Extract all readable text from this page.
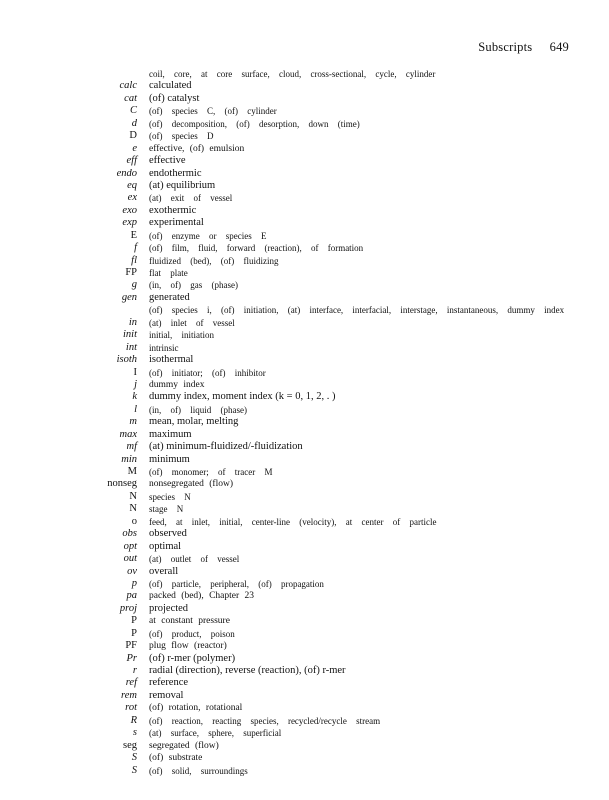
Subscripts 649
coil, core, at core surface, cloud, cross-sectional, cycle, cylinder
calc calculated
cat (of) catalyst
C (of) species C, (of) cylinder
d (of) decomposition, (of) desorption, down (time)
D (of) species D
e effective, (of) emulsion
eff effective
endo endothermic
eq (at) equilibrium
ex (at) exit of vessel
exo exothermic
exp experimental
E (of) enzyme or species E
f (of) film, fluid, forward (reaction), of formation
fl fluidized (bed), (of) fluidizing
FP flat plate
g (in, of) gas (phase)
gen generated
(of) species i, (of) initiation, (at) interface, interfacial, interstage, instantaneous, dummy index
in (at) inlet of vessel
init initial, initiation
int intrinsic
isoth isothermal
I (of) initiator; (of) inhibitor
j dummy index
k dummy index, moment index (k = 0, 1, 2, . )
l (in, of) liquid (phase)
m mean, molar, melting
max maximum
mf (at) minimum-fluidized/-fluidization
min minimum
M (of) monomer; of tracer M
nonseg nonsegregated (flow)
N species N
N stage N
o feed, at inlet, initial, center-line (velocity), at center of particle
obs observed
opt optimal
out (at) outlet of vessel
ov overall
p (of) particle, peripheral, (of) propagation
pa packed (bed), Chapter 23
proj projected
P at constant pressure
P (of) product, poison
PF plug flow (reactor)
Pr (of) r-mer (polymer)
r radial (direction), reverse (reaction), (of) r-mer
ref reference
rem removal
rot (of) rotation, rotational
R (of) reaction, reacting species, recycled/recycle stream
s (at) surface, sphere, superficial
seg segregated (flow)
S (of) substrate
S (of) solid, surroundings
